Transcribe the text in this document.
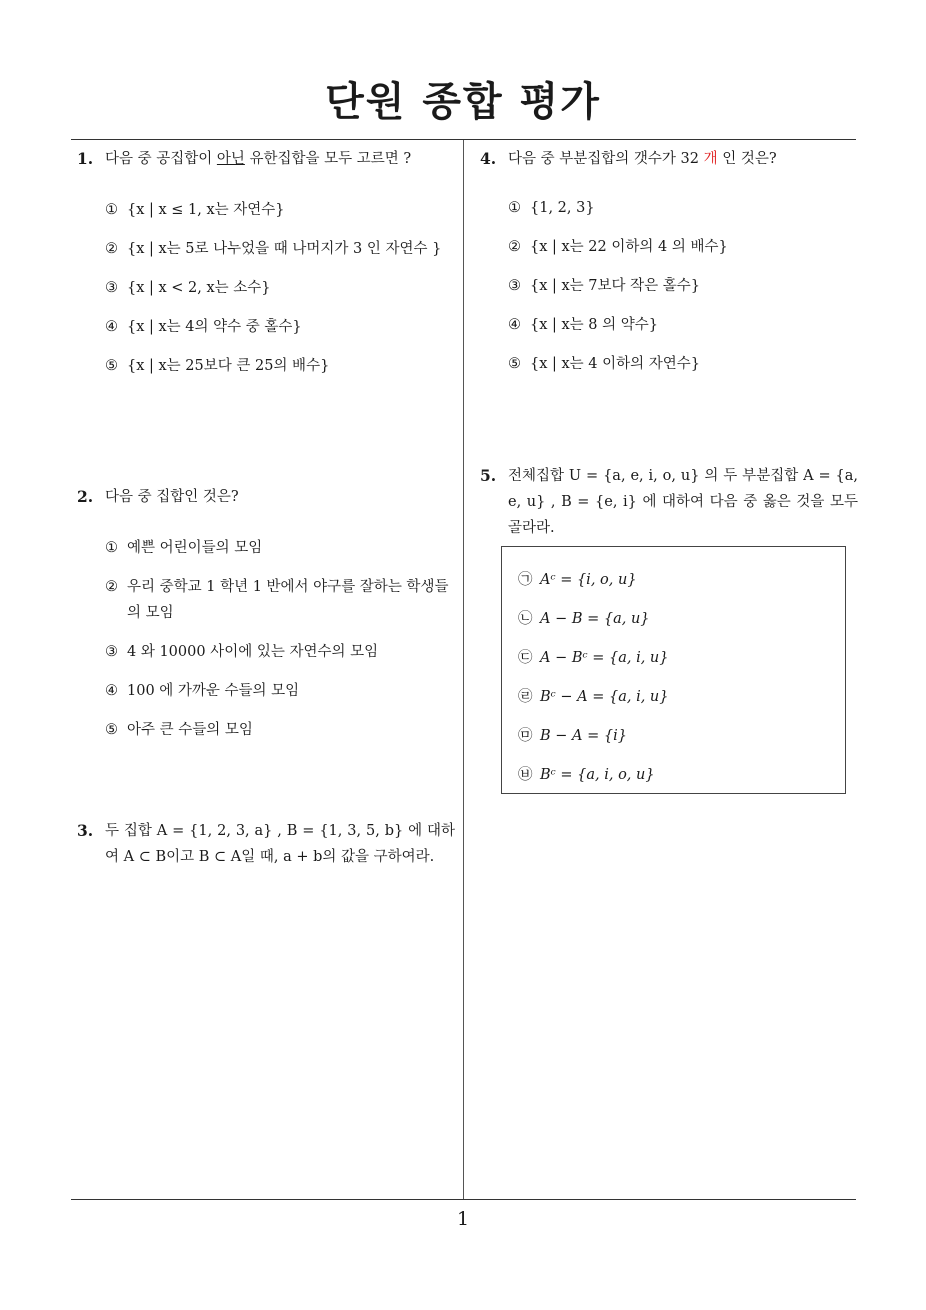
단원 종합 평가
1. 다음 중 공집합이 아닌 유한집합을 모두 고르면 ?
① {x | x ≤ 1, x는 자연수}
② {x | x는 5로 나누었을 때 나머지가 3 인 자연수 }
③ {x | x < 2, x는 소수}
④ {x | x는 4의 약수 중 홀수}
⑤ {x | x는 25보다 큰 25의 배수}
2. 다음 중 집합인 것은?
① 예쁜 어린이들의 모임
② 우리 중학교 1 학년 1 반에서 야구를 잘하는 학생들의 모임
③ 4 와 10000 사이에 있는 자연수의 모임
④ 100 에 가까운 수들의 모임
⑤ 아주 큰 수들의 모임
3. 두 집합 A = {1, 2, 3, a} , B = {1, 3, 5, b} 에 대하여 A ⊂ B이고 B ⊂ A일 때, a + b의 값을 구하여라.
4. 다음 중 부분집합의 갯수가 32 개 인 것은?
① {1, 2, 3}
② {x | x는 22 이하의 4 의 배수}
③ {x | x는 7보다 작은 홀수}
④ {x | x는 8 의 약수}
⑤ {x | x는 4 이하의 자연수}
5. 전체집합 U = {a, e, i, o, u} 의 두 부분집합 A = {a, e, u} , B = {e, i} 에 대하여 다음 중 옳은 것을 모두 골라라.
㉠ Aᶜ = {i, o, u}
㉡ A − B = {a, u}
㉢ A − Bᶜ = {a, i, u}
㉣ Bᶜ − A = {a, i, u}
㉤ B − A = {i}
㉥ Bᶜ = {a, i, o, u}
1
